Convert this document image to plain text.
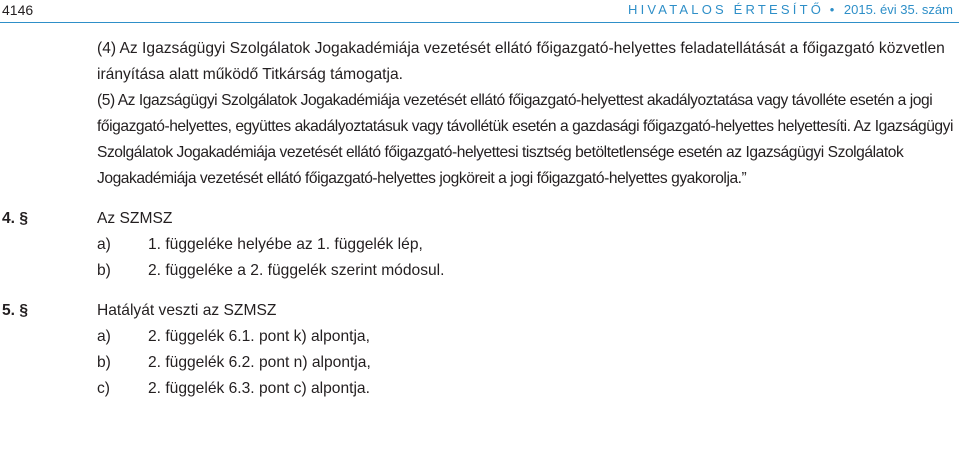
4146	HIVATALOS ÉRTESÍTŐ • 2015. évi 35. szám

(4) Az Igazságügyi Szolgálatok Jogakadémiája vezetését ellátó főigazgató-helyettes feladatellátását a főigazgató közvetlen irányítása alatt működő Titkárság támogatja.

(5) Az Igazságügyi Szolgálatok Jogakadémiája vezetését ellátó főigazgató-helyettest akadályoztatása vagy távolléte esetén a jogi főigazgató-helyettes, együttes akadályoztatásuk vagy távollétük esetén a gazdasági főigazgató-helyettes helyettesíti. Az Igazságügyi Szolgálatok Jogakadémiája vezetését ellátó főigazgató-helyettesi tisztség betöltetlensége esetén az Igazságügyi Szolgálatok Jogakadémiája vezetését ellátó főigazgató-helyettes jogköreit a jogi főigazgató-helyettes gyakorolja.”

4. §	Az SZMSZ
a) 1. függeléke helyébe az 1. függelék lép,
b) 2. függeléke a 2. függelék szerint módosul.
5. §	Hatályát veszti az SZMSZ
a) 2. függelék 6.1. pont k) alpontja,
b) 2. függelék 6.2. pont n) alpontja,
c) 2. függelék 6.3. pont c) alpontja.
